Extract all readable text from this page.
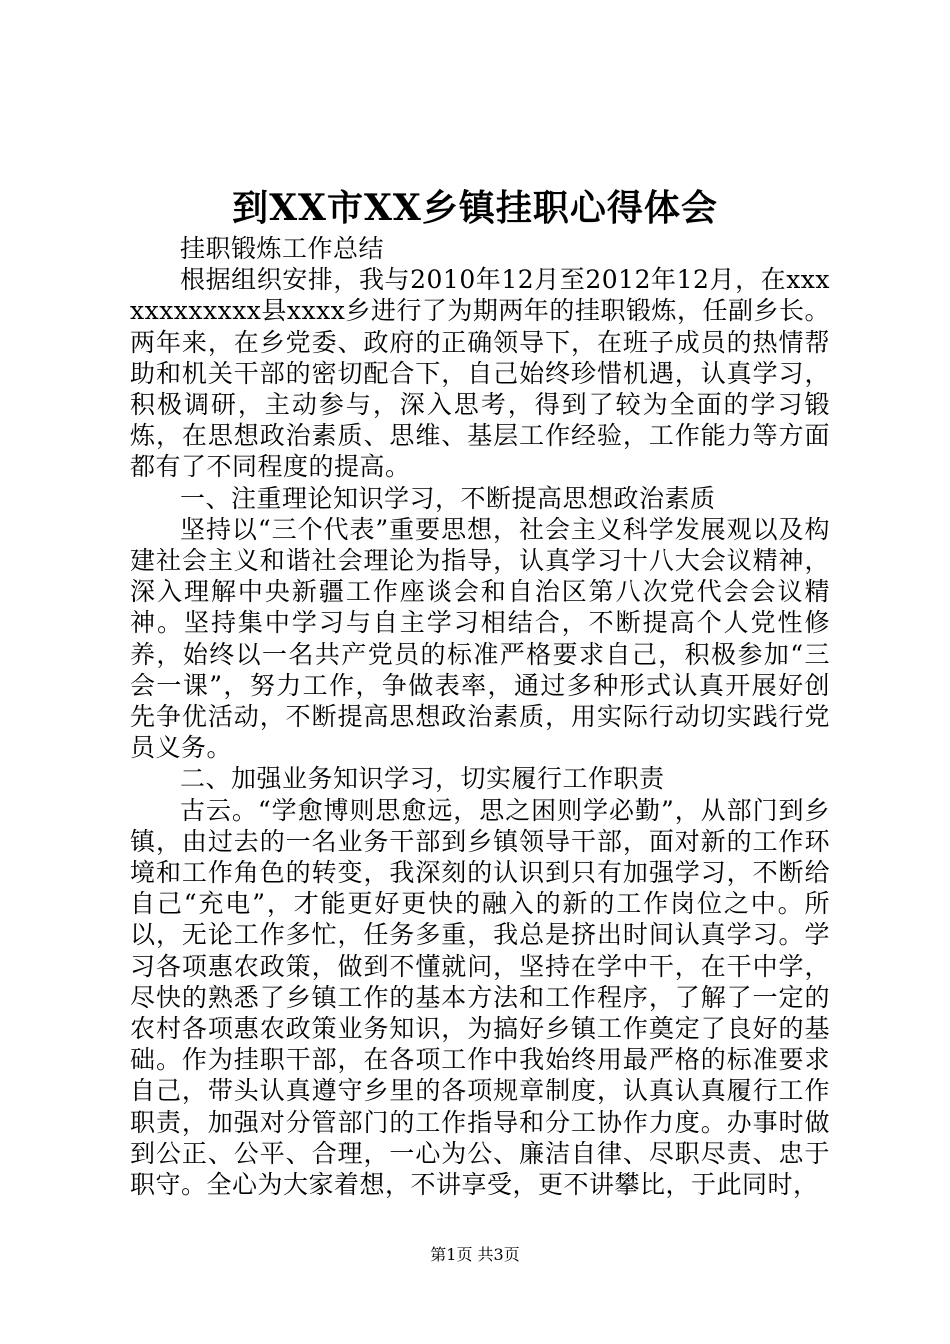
到XX市XX乡镇挂职心得体会

挂职锻炼工作总结

根据组织安排，我与2010年12月至2012年12月，在xxxxxxxxxxxx县xxxx乡进行了为期两年的挂职锻炼，任副乡长。两年来，在乡党委、政府的正确领导下，在班子成员的热情帮助和机关干部的密切配合下，自己始终珍惜机遇，认真学习，积极调研，主动参与，深入思考，得到了较为全面的学习锻炼，在思想政治素质、思维、基层工作经验，工作能力等方面都有了不同程度的提高。

一、注重理论知识学习，不断提高思想政治素质

坚持以“三个代表”重要思想，社会主义科学发展观以及构建社会主义和谐社会理论为指导，认真学习十八大会议精神，深入理解中央新疆工作座谈会和自治区第八次党代会会议精神。坚持集中学习与自主学习相结合，不断提高个人党性修养，始终以一名共产党员的标准严格要求自己，积极参加“三会一课”，努力工作，争做表率，通过多种形式认真开展好创先争优活动，不断提高思想政治素质，用实际行动切实践行党员义务。

二、加强业务知识学习，切实履行工作职责

古云。“学愈博则思愈远，思之困则学必勤”，从部门到乡镇，由过去的一名业务干部到乡镇领导干部，面对新的工作环境和工作角色的转变，我深刻的认识到只有加强学习，不断给自己“充电”，才能更好更快的融入的新的工作岗位之中。所以，无论工作多忙，任务多重，我总是挤出时间认真学习。学习各项惠农政策，做到不懂就问，坚持在学中干，在干中学，尽快的熟悉了乡镇工作的基本方法和工作程序，了解了一定的农村各项惠农政策业务知识，为搞好乡镇工作奠定了良好的基础。作为挂职干部，在各项工作中我始终用最严格的标准要求自己，带头认真遵守乡里的各项规章制度，认真认真履行工作职责，加强对分管部门的工作指导和分工协作力度。办事时做到公正、公平、合理，一心为公、廉洁自律、尽职尽责、忠于职守。全心为大家着想，不讲享受，更不讲攀比，于此同时，

第1页 共3页
